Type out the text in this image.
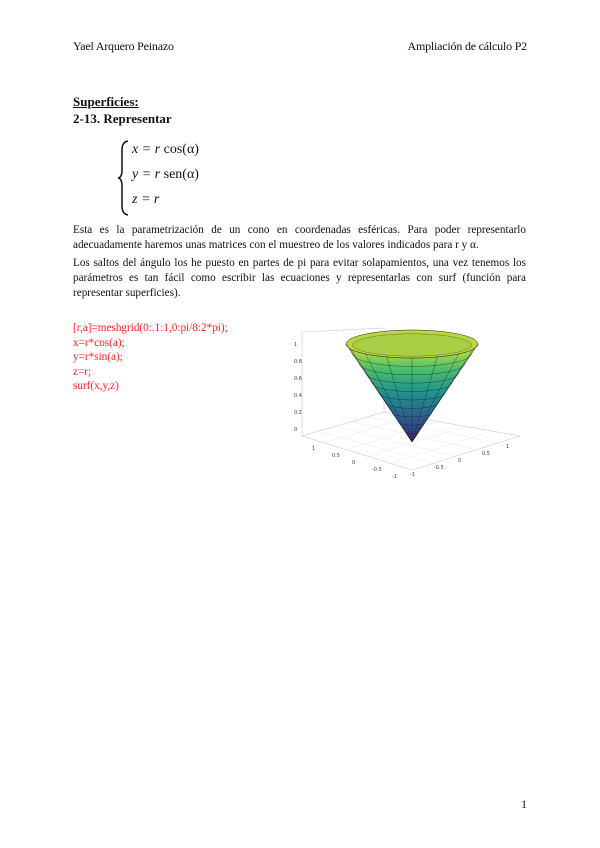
Yael Arquero Peinazo	Ampliación de cálculo P2
Superficies:
2-13. Representar
x = r cos(α)
y = r sen(α)
z = r
Esta es la parametrización de un cono en coordenadas esféricas. Para poder representarlo adecuadamente haremos unas matrices con el muestreo de los valores indicados para r y α.
Los saltos del ángulo los he puesto en partes de pi para evitar solapamientos, una vez tenemos los parámetros es tan fácil como escribir las ecuaciones y representarlas con surf (función para representar superficies).
[r,a]=meshgrid(0:.1:1,0:pi/8:2*pi);
x=r*cos(a);
y=r*sin(a);
z=r;
surf(x,y,z)
1
0.8
0.6
0.4
0.2
0
1
0.5
0
-0.5
-1	-1
-0.5
0
0.5
1
1
